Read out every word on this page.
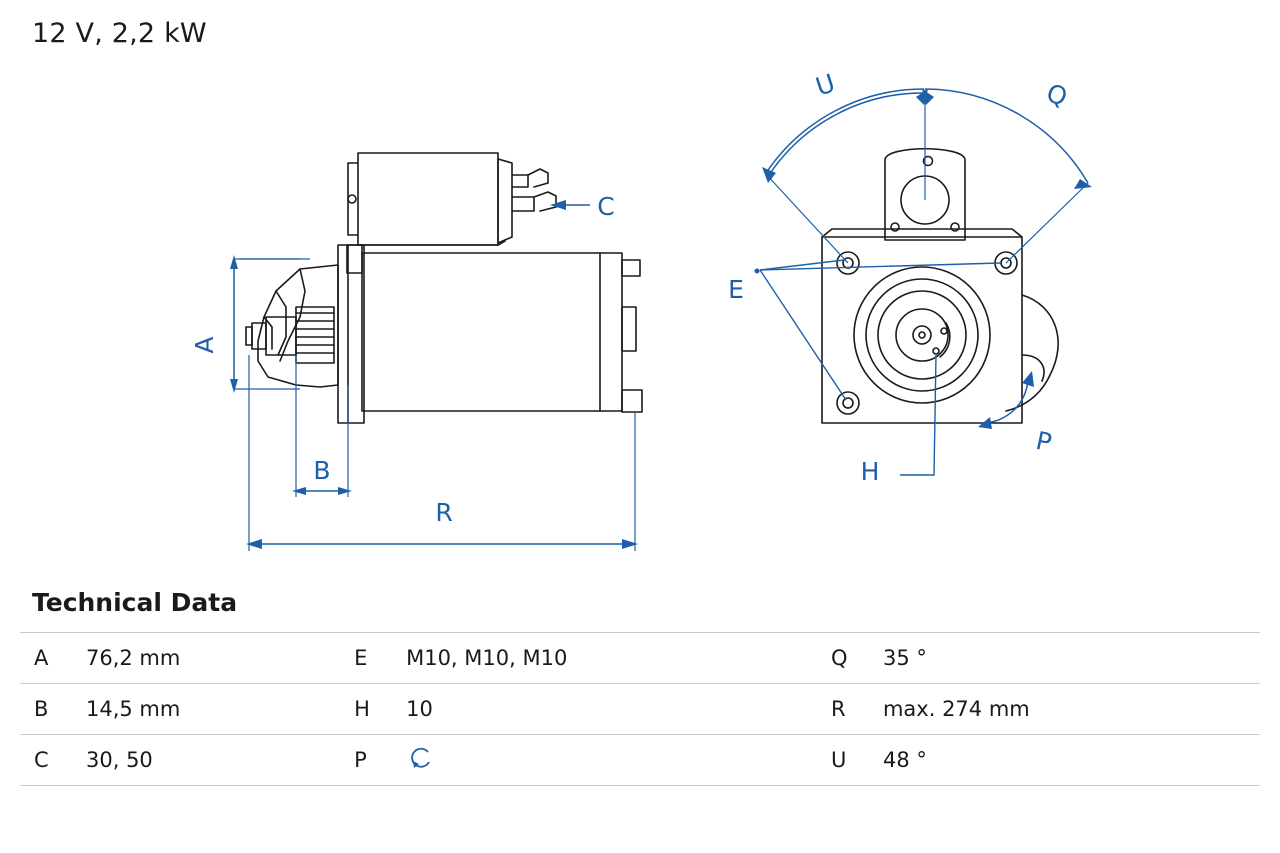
12 V, 2,2 kW
A
B
R
C
U	Q
E
H
P
Technical Data
A	76,2 mm	E	M10, M10, M10	Q	35 °
B	14,5 mm	H	10	R	max. 274 mm
C	30, 50	P		U	48 °
